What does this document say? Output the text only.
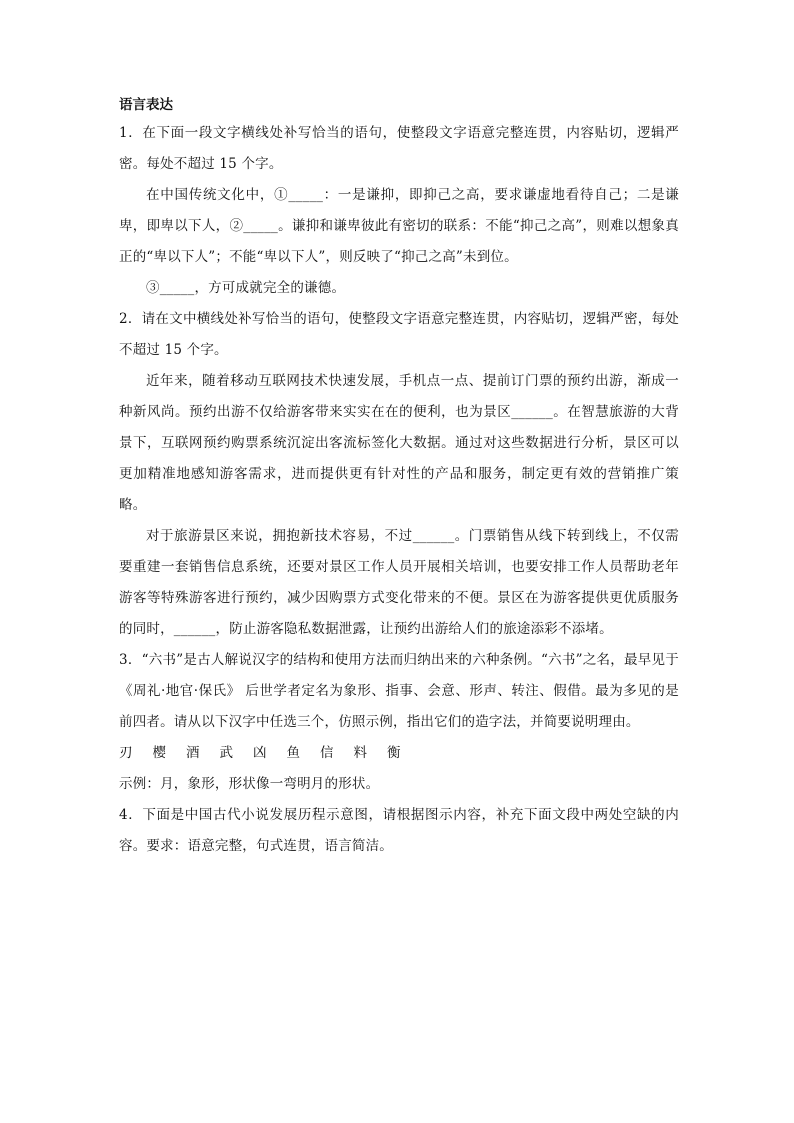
语言表达

1．在下面一段文字横线处补写恰当的语句，使整段文字语意完整连贯，内容贴切，逻辑严密。每处不超过 15 个字。

在中国传统文化中，①_____：一是谦抑，即抑己之高，要求谦虚地看待自己；二是谦卑，即卑以下人，②_____。谦抑和谦卑彼此有密切的联系：不能“抑己之高”，则难以想象真正的“卑以下人”；不能“卑以下人”，则反映了“抑己之高”未到位。

③_____，方可成就完全的谦德。

2．请在文中横线处补写恰当的语句，使整段文字语意完整连贯，内容贴切，逻辑严密，每处不超过 15 个字。

近年来，随着移动互联网技术快速发展，手机点一点、提前订门票的预约出游，渐成一种新风尚。预约出游不仅给游客带来实实在在的便利，也为景区______。在智慧旅游的大背景下，互联网预约购票系统沉淀出客流标签化大数据。通过对这些数据进行分析，景区可以更加精准地感知游客需求，进而提供更有针对性的产品和服务，制定更有效的营销推广策略。

对于旅游景区来说，拥抱新技术容易，不过______。门票销售从线下转到线上，不仅需要重建一套销售信息系统，还要对景区工作人员开展相关培训，也要安排工作人员帮助老年游客等特殊游客进行预约，减少因购票方式变化带来的不便。景区在为游客提供更优质服务的同时，______，防止游客隐私数据泄露，让预约出游给人们的旅途添彩不添堵。

3．“六书”是古人解说汉字的结构和使用方法而归纳出来的六种条例。“六书”之名，最早见于《周礼·地官·保氏》 后世学者定名为象形、指事、会意、形声、转注、假借。最为多见的是前四者。请从以下汉字中任选三个，仿照示例，指出它们的造字法，并简要说明理由。

刃 樱 酒 武 凶 鱼 信 料 衡

示例：月，象形，形状像一弯明月的形状。

4．下面是中国古代小说发展历程示意图，请根据图示内容，补充下面文段中两处空缺的内容。要求：语意完整，句式连贯，语言简洁。
